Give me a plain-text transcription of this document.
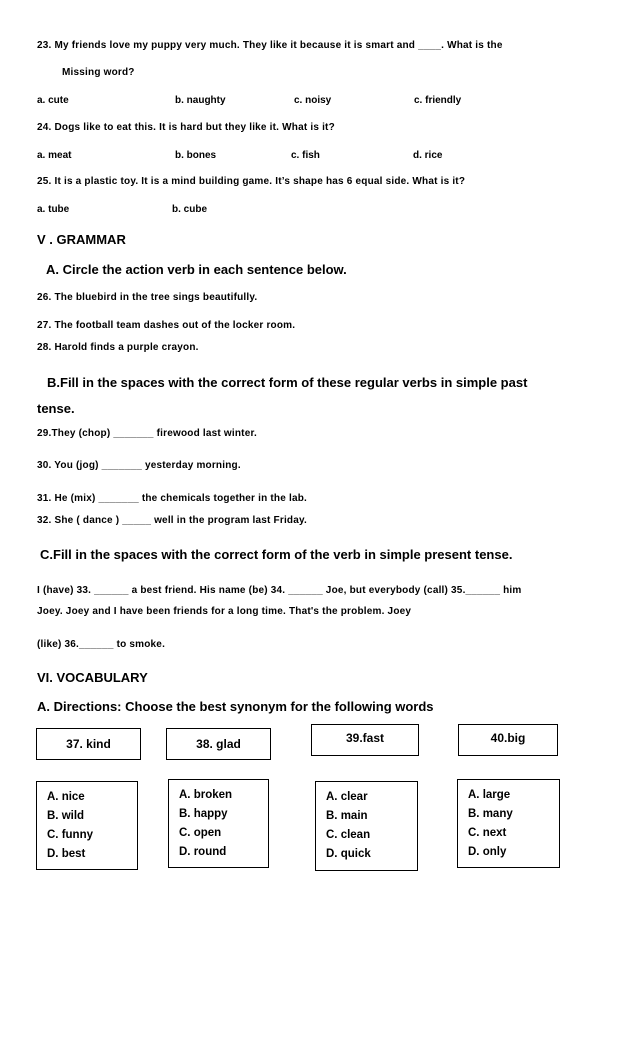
23. My friends love my puppy very much. They like it because it is smart and ____. What is the
Missing word?
a. cute	b. naughty	c. noisy	c. friendly
24. Dogs like to eat this. It is hard but they like it. What is it?
a. meat	b. bones	c. fish	d. rice
25. It is a plastic toy. It is a mind building game. It’s shape has 6 equal side. What is it?
a. tube	b. cube
V . GRAMMAR
A. Circle the action verb in each sentence below.
26. The bluebird in the tree sings beautifully.
27. The football team dashes out of the locker room.
28. Harold finds a purple crayon.
B.Fill in the spaces with the correct form of these regular verbs in simple past
tense.
29.They (chop) _______ firewood last winter.
30. You (jog) _______ yesterday morning.
31. He (mix) _______ the chemicals together in the lab.
32. She ( dance ) _____ well in the program last Friday.
C.Fill in the spaces with the correct form of the verb in simple present tense.
I (have) 33. ______ a best friend. His name (be) 34. ______ Joe, but everybody (call) 35.______ him
Joey. Joey and I have been friends for a long time. That's the problem. Joey
(like) 36.______ to smoke.
VI. VOCABULARY
A. Directions: Choose the best synonym for the following words
37. kind	38. glad	39.fast	40.big
A. nice
B. wild
C. funny
D. best
A. broken
B. happy
C. open
D. round
A. clear
B. main
C. clean
D. quick
A. large
B. many
C. next
D. only
